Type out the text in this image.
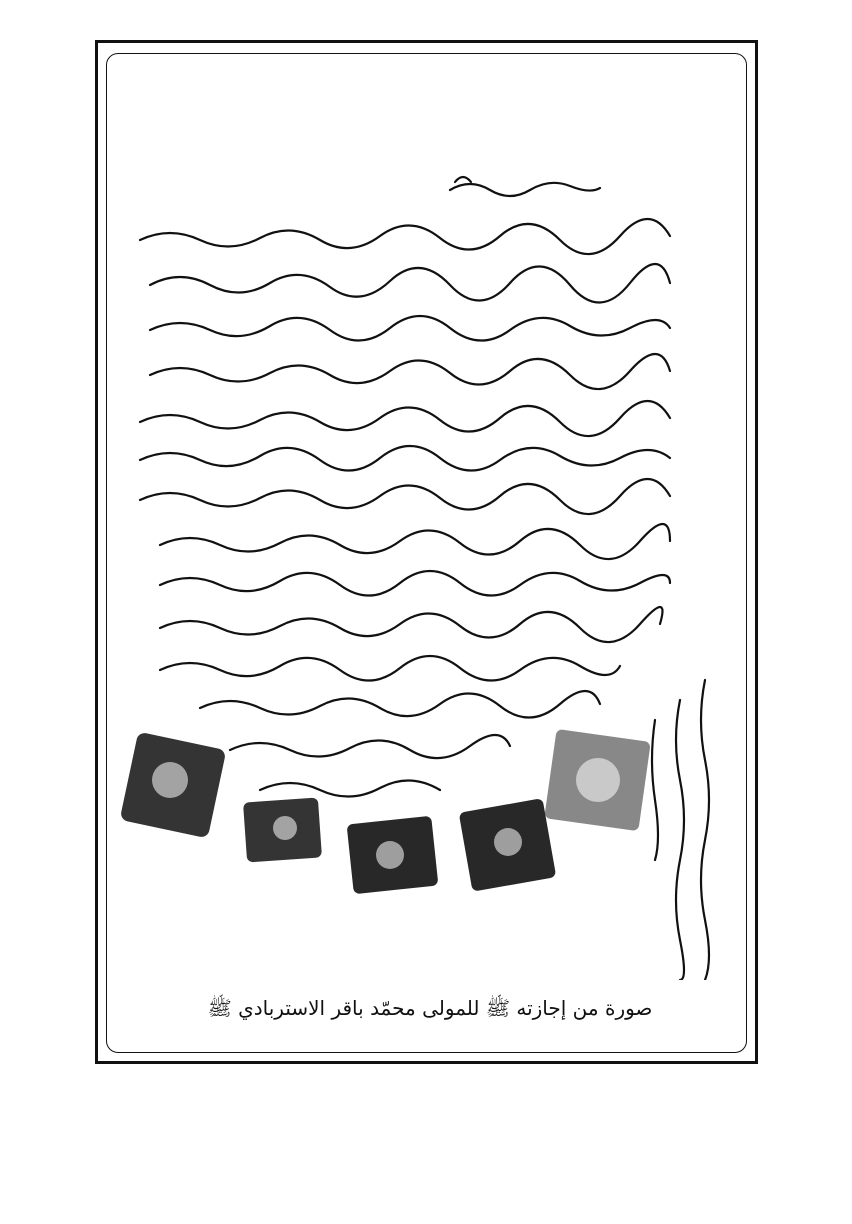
صورة من إجازته ﷺ للمولى محمّد باقر الاستربادي ﷺ
